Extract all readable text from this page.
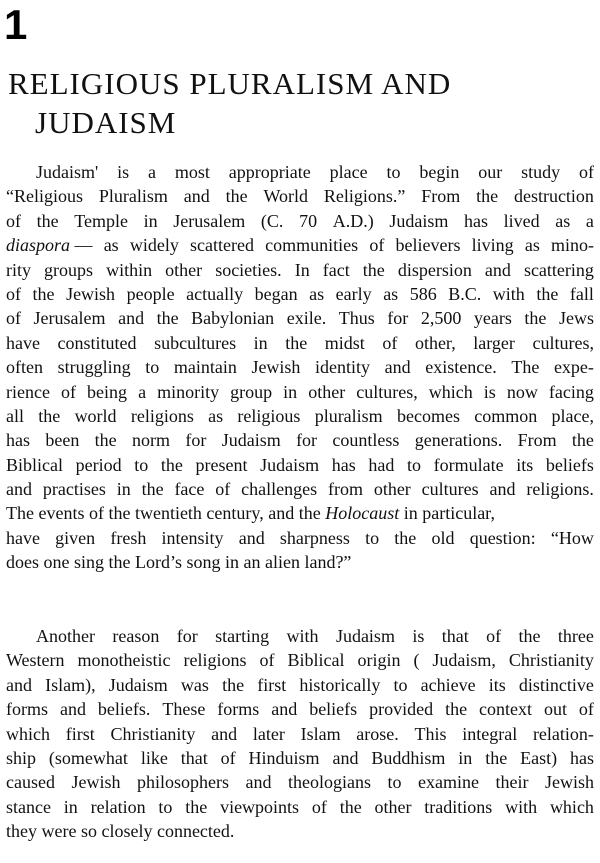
1
RELIGIOUS PLURALISM AND
JUDAISM
Judaism' is a most appropriate place to begin our study of
“Religious Pluralism and the World Religions.” From the destruction
of the Temple in Jerusalem (C. 70 A.D.) Judaism has lived as a
diaspora
— as widely scattered communities of believers living as mino-
rity groups within other societies. In fact the dispersion and scattering
of the Jewish people actually began as early as 586 B.C. with the fall
of Jerusalem and the Babylonian exile. Thus for 2,500 years the Jews
have constituted subcultures in the midst of other, larger cultures,
often struggling to maintain Jewish identity and existence. The expe-
rience of being a minority group in other cultures, which is now facing
all the world religions as religious pluralism becomes common place,
has been the norm for Judaism for countless generations. From the
Biblical period to the present Judaism has had to formulate its beliefs
and practises in the face of challenges from other cultures and religions.
The events of the twentieth century, and the
Holocaust
in particular,
have given fresh intensity and sharpness to the old question: “How
does one sing the Lord’s song in an alien land?”
Another reason for starting with Judaism is that of the three
Western monotheistic religions of Biblical origin ( Judaism, Christianity
and Islam), Judaism was the first historically to achieve its distinctive
forms and beliefs. These forms and beliefs provided the context out of
which first Christianity and later Islam arose. This integral relation-
ship (somewhat like that of Hinduism and Buddhism in the East) has
caused Jewish philosophers and theologians to examine their Jewish
stance in relation to the viewpoints of the other traditions with which
they were so closely connected.
